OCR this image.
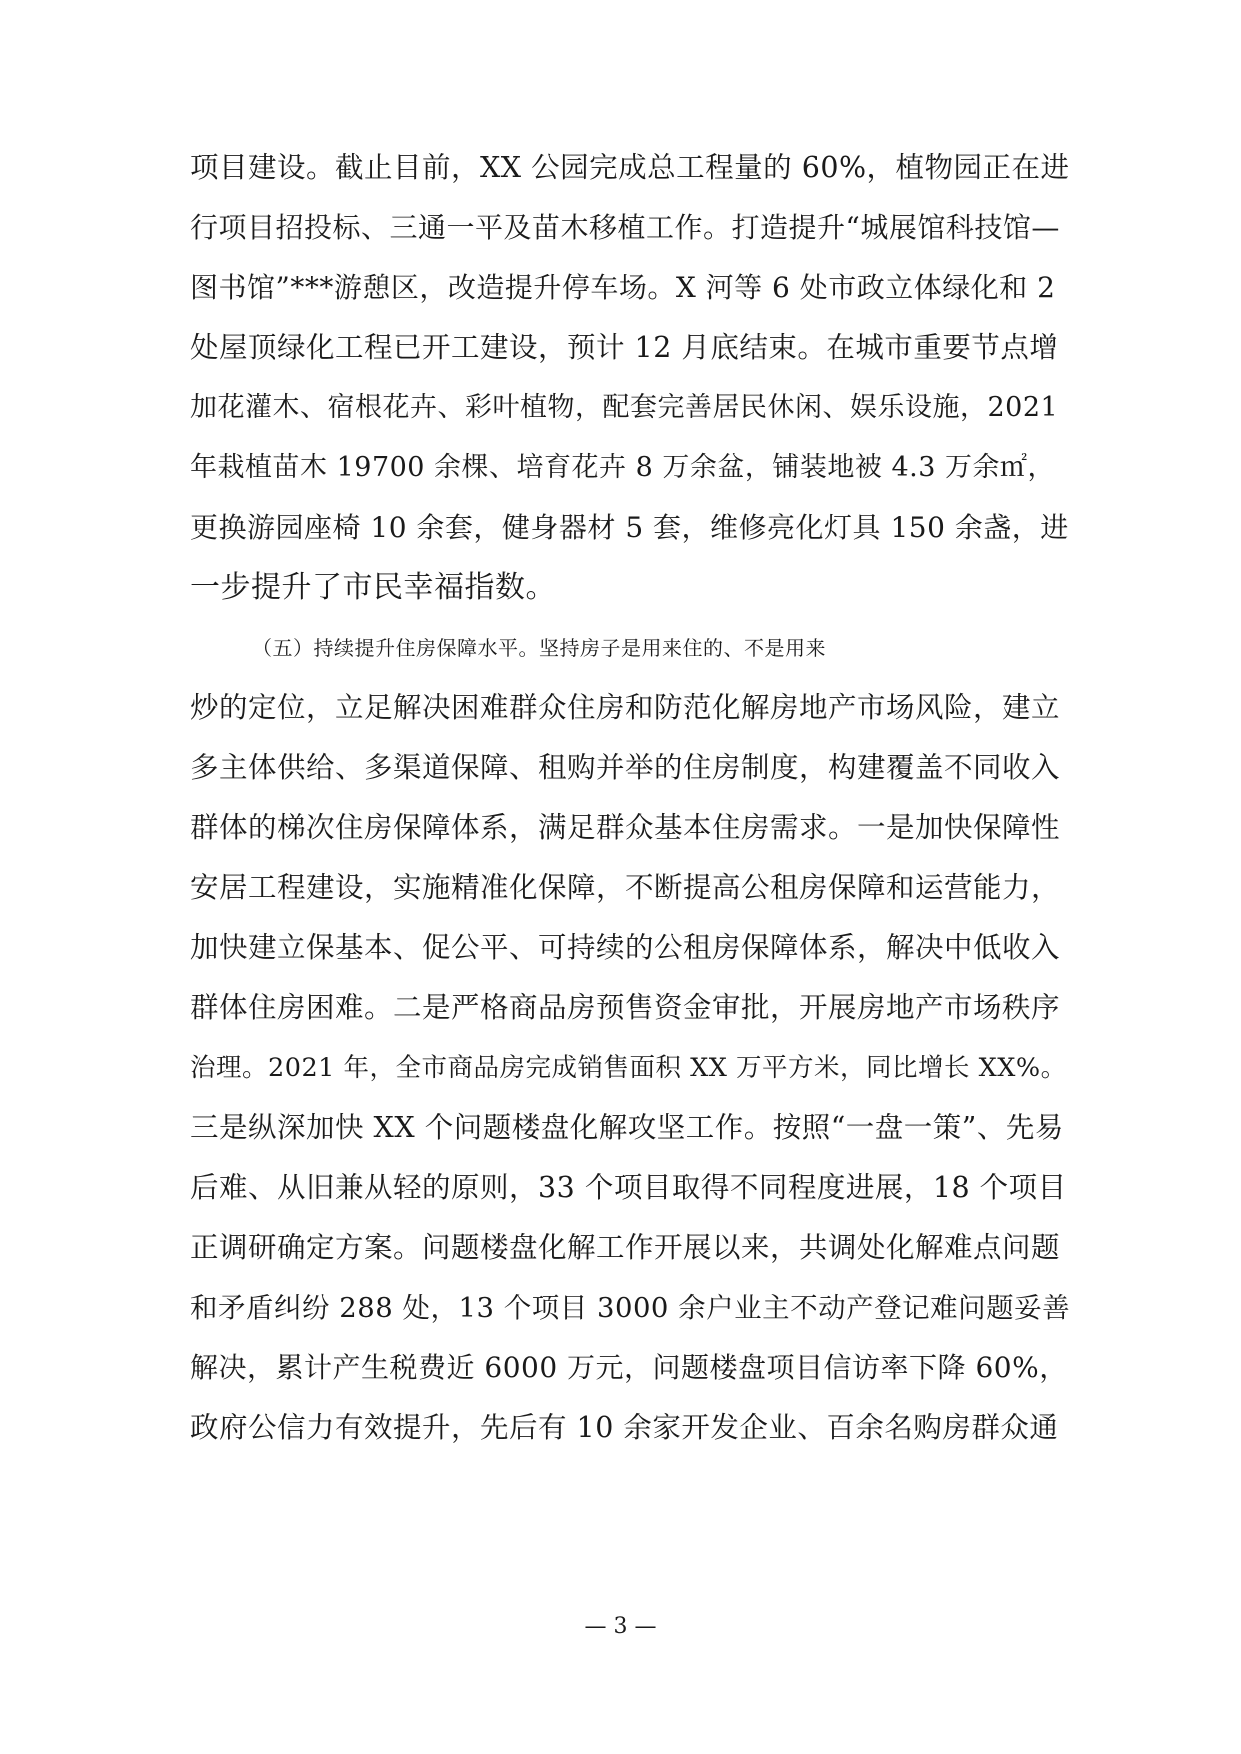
项目建设。截止目前，XX 公园完成总工程量的 60%，植物园正在进
行项目招投标、三通一平及苗木移植工作。打造提升“城展馆科技馆—
图书馆”***游憩区，改造提升停车场。X 河等 6 处市政立体绿化和 2
处屋顶绿化工程已开工建设，预计 12 月底结束。在城市重要节点增
加花灌木、宿根花卉、彩叶植物，配套完善居民休闲、娱乐设施，2021
年栽植苗木 19700 余棵、培育花卉 8 万余盆，铺装地被 4.3 万余㎡，
更换游园座椅 10 余套，健身器材 5 套，维修亮化灯具 150 余盏，进
一步提升了市民幸福指数。
（五）持续提升住房保障水平。坚持房子是用来住的、不是用来
炒的定位，立足解决困难群众住房和防范化解房地产市场风险，建立
多主体供给、多渠道保障、租购并举的住房制度，构建覆盖不同收入
群体的梯次住房保障体系，满足群众基本住房需求。一是加快保障性
安居工程建设，实施精准化保障，不断提高公租房保障和运营能力，
加快建立保基本、促公平、可持续的公租房保障体系，解决中低收入
群体住房困难。二是严格商品房预售资金审批，开展房地产市场秩序
治理。2021 年，全市商品房完成销售面积 XX 万平方米，同比增长 XX%。
三是纵深加快 XX 个问题楼盘化解攻坚工作。按照“一盘一策”、先易
后难、从旧兼从轻的原则，33 个项目取得不同程度进展，18 个项目
正调研确定方案。问题楼盘化解工作开展以来，共调处化解难点问题
和矛盾纠纷 288 处，13 个项目 3000 余户业主不动产登记难问题妥善
解决，累计产生税费近 6000 万元，问题楼盘项目信访率下降 60%，
政府公信力有效提升，先后有 10 余家开发企业、百余名购房群众通
— 3 —
